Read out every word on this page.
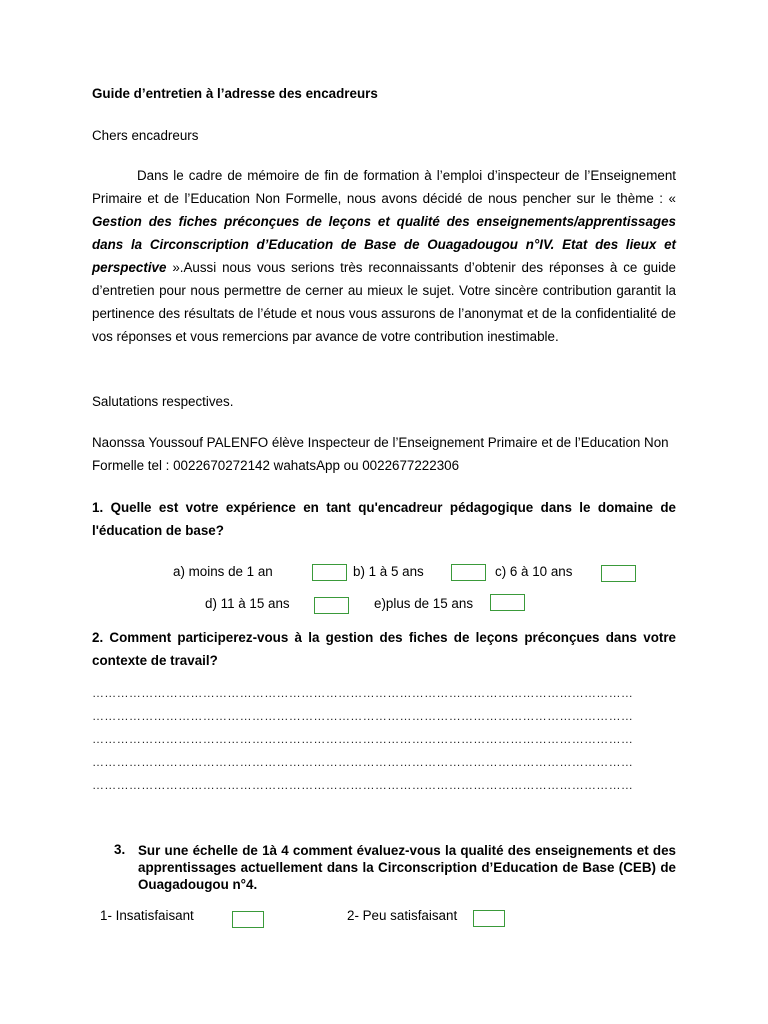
Guide d’entretien à l’adresse des encadreurs

Chers encadreurs

Dans le cadre de mémoire de fin de formation à l’emploi d’inspecteur de l’Enseignement Primaire et de l’Education Non Formelle, nous avons décidé de nous pencher sur le thème : « Gestion des fiches préconçues de leçons et qualité des enseignements/apprentissages dans la Circonscription d’Education de Base de Ouagadougou n°IV. Etat des lieux et perspective ».Aussi nous vous serions très reconnaissants d’obtenir des réponses à ce guide d’entretien pour nous permettre de cerner au mieux le sujet. Votre sincère contribution garantit la pertinence des résultats de l’étude et nous vous assurons de l’anonymat et de la confidentialité de vos réponses et vous remercions par avance de votre contribution inestimable.

Salutations respectives.

Naonssa Youssouf PALENFO élève Inspecteur de l’Enseignement Primaire et de l’Education Non Formelle tel : 0022670272142 wahatsApp ou 0022677222306

1. Quelle est votre expérience en tant qu'encadreur pédagogique dans le domaine de l'éducation de base?

a) moins de 1 an	b) 1 à 5 ans	c) 6 à 10 ans
d) 11 à 15 ans	e)plus de 15 ans

2. Comment participerez-vous à la gestion des fiches de leçons préconçues dans votre contexte de travail?

……………………………………………………………………………………………………………………
……………………………………………………………………………………………………………………
……………………………………………………………………………………………………………………
……………………………………………………………………………………………………………………
……………………………………………………………………………………………………………………

3. Sur une échelle de 1à 4 comment évaluez-vous la qualité des enseignements et des apprentissages actuellement dans la Circonscription d’Education de Base (CEB) de Ouagadougou n°4.

1- Insatisfaisant	2- Peu satisfaisant
